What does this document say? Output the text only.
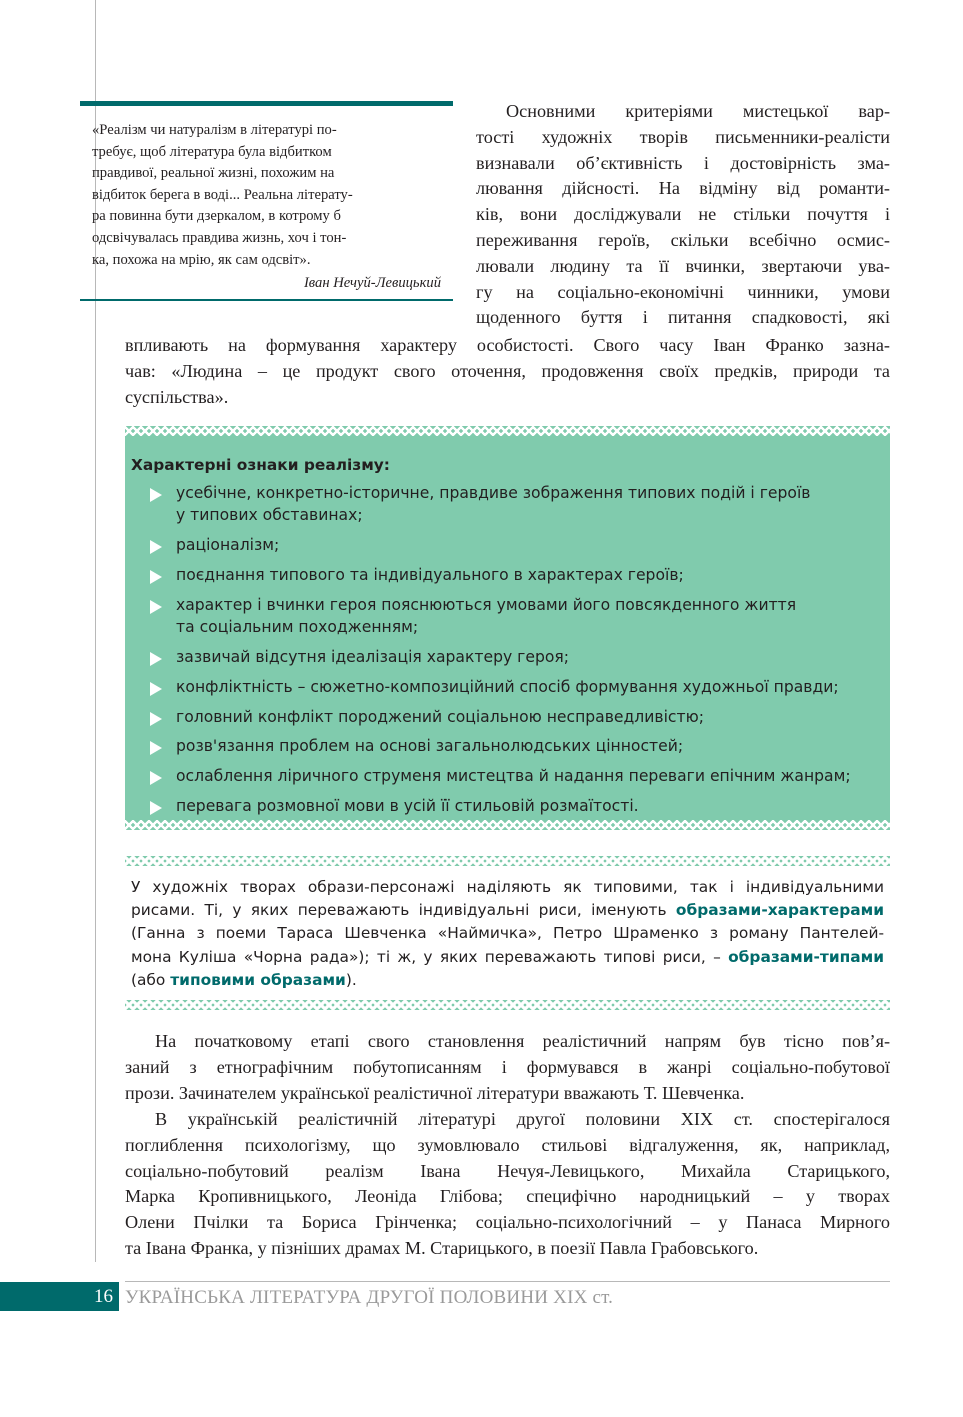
«Реалізм чи натуралізм в літературі по-
требує, щоб література була відбитком
правдивої, реальної жизні, похожим на
відбиток берега в воді... Реальна літерату-
ра повинна бути дзеркалом, в котрому б
одсвічувалась правдива жизнь, хоч і тон-
ка, похожа на мрію, як сам одсвіт».
Іван Нечуй-Левицький

Основними критеріями мистецької вар-
тості художніх творів письменники-реалісти
визнавали об’єктивність і достовірність зма-
лювання дійсності. На відміну від романти-
ків, вони досліджували не стільки почуття і
переживання героїв, скільки всебічно осмис-
лювали людину та її вчинки, звертаючи ува-
гу на соціально-економічні чинники, умови
щоденного буття і питання спадковості, які

впливають на формування характеру особистості. Свого часу Іван Франко зазна-
чав: «Людина – це продукт свого оточення, продовження своїх предків, природи та
суспільства».

Характерні ознаки реалізму:
усебічне, конкретно-історичне, правдиве зображення типових подій і героїв
у типових обставинах;
раціоналізм;
поєднання типового та індивідуального в характерах героїв;
характер і вчинки героя пояснюються умовами його повсякденного життя
та соціальним походженням;
зазвичай відсутня ідеалізація характеру героя;
конфліктність – сюжетно-композиційний спосіб формування художньої правди;
головний конфлікт породжений соціальною несправедливістю;
розв'язання проблем на основі загальнолюдських цінностей;
ослаблення ліричного струменя мистецтва й надання переваги епічним жанрам;
перевага розмовної мови в усій її стильовій розмаїтості.
У художніх творах образи-персонажі наділяють як типовими, так і індивідуальними
рисами. Ті, у яких переважають індивідуальні риси, іменують образами-характерами
(Ганна з поеми Тараса Шевченка «Наймичка», Петро Шраменко з роману Пантелей-
мона Куліша «Чорна рада»); ті ж, у яких переважають типові риси, – образами-типами
(або типовими образами).
На початковому етапі свого становлення реалістичний напрям був тісно пов’я-
заний з етнографічним побутописанням і формувався в жанрі соціально-побутової
прози. Зачинателем української реалістичної літератури вважають Т. Шевченка.
В українській реалістичній літературі другої половини ХІХ ст. спостерігалося
поглиблення психологізму, що зумовлювало стильові відгалуження, як, наприклад,
соціально-побутовий реалізм Івана Нечуя-Левицького, Михайла Старицького,
Марка Кропивницького, Леоніда Глібова; специфічно народницький – у творах
Олени Пчілки та Бориса Грінченка; соціально-психологічний – у Панаса Мирного
та Івана Франка, у пізніших драмах М. Старицького, в поезії Павла Грабовського.
16 УКРАЇНСЬКА ЛІТЕРАТУРА ДРУГОЇ ПОЛОВИНИ ХІХ ст.
